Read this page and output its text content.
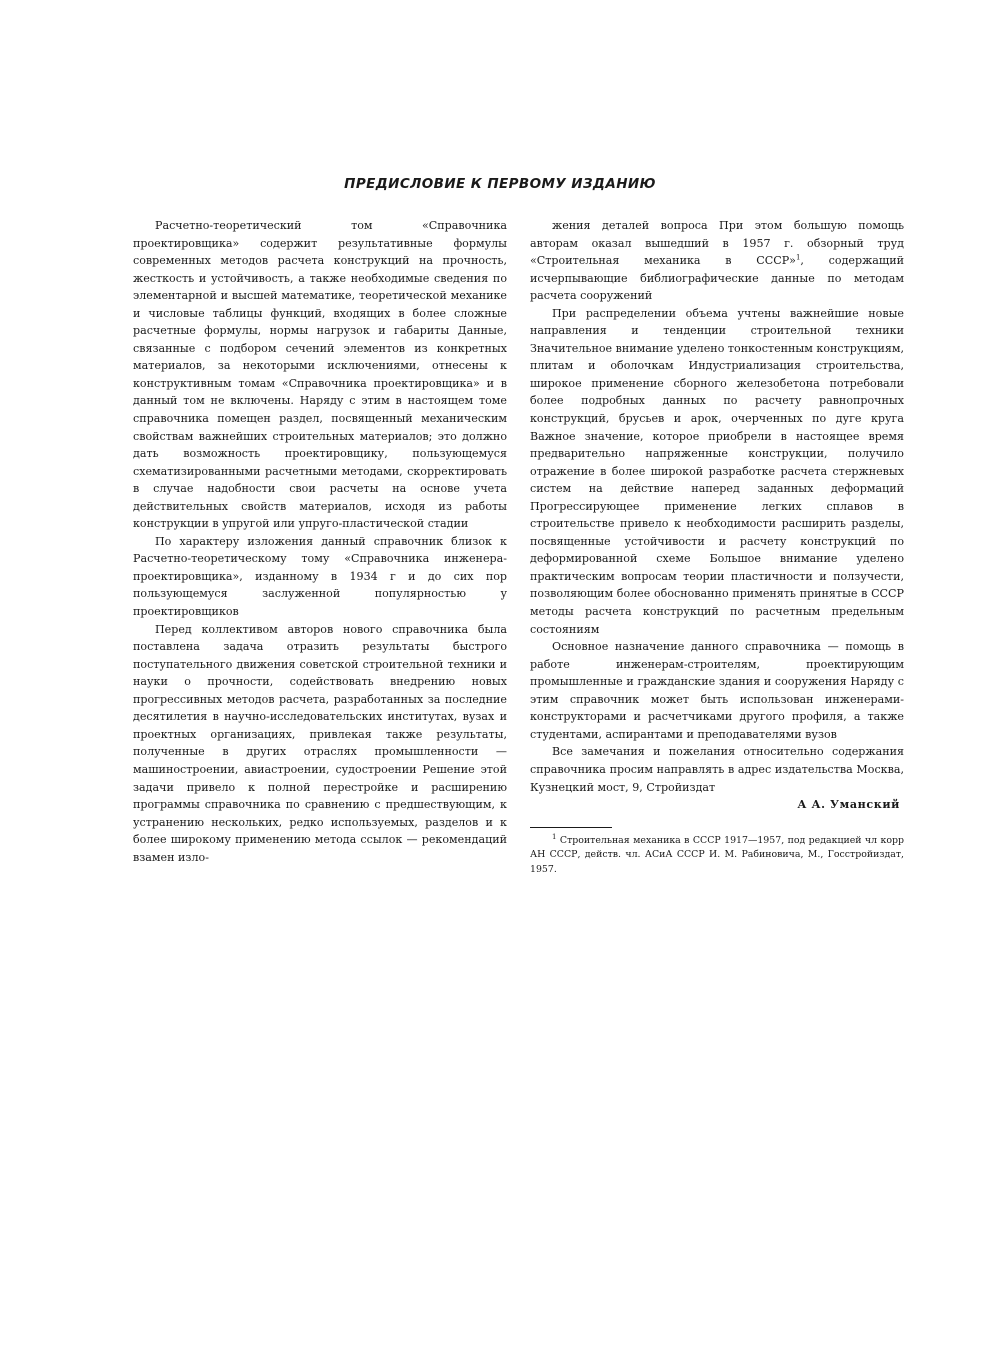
ПРЕДИСЛОВИЕ К ПЕРВОМУ ИЗДАНИЮ

Расчетно-теоретический том «Справочника проектировщика» содержит результативные формулы современных методов расчета конструкций на прочность, жесткость и устойчивость, а также необходимые сведения по элементарной и высшей математике, теоретической механике и числовые таблицы функций, входящих в более сложные расчетные формулы, нормы нагрузок и габариты Данные, связанные с подбором сечений элементов из конкретных материалов, за некоторыми исключениями, отнесены к конструктивным томам «Справочника проектировщика» и в данный том не включены. Наряду с этим в настоящем томе справочника помещен раздел, посвященный механическим свойствам важнейших строительных материалов; это должно дать возможность проектировщику, пользующемуся схематизированными расчетными методами, скорректировать в случае надобности свои расчеты на основе учета действительных свойств материалов, исходя из работы конструкции в упругой или упруго-пластической стадии

По характеру изложения данный справочник близок к Расчетно-теоретическому тому «Справочника инженера-проектировщика», изданному в 1934 г и до сих пор пользующемуся заслуженной популярностью у проектировщиков

Перед коллективом авторов нового справочника была поставлена задача отразить результаты быстрого поступательного движения советской строительной техники и науки о прочности, содействовать внедрению новых прогрессивных методов расчета, разработанных за последние десятилетия в научно-исследовательских институтах, вузах и проектных организациях, привлекая также результаты, полученные в других отраслях промышленности — машиностроении, авиастроении, судостроении Решение этой задачи привело к полной перестройке и расширению программы справочника по сравнению с предшествующим, к устранению нескольких, редко используемых, разделов и к более широкому применению метода ссылок — рекомендаций взамен изло-

жения деталей вопроса При этом большую помощь авторам оказал вышедший в 1957 г. обзорный труд «Строительная механика в СССР»$^1$, содержащий исчерпывающие библиографические данные по методам расчета сооружений

При распределении объема учтены важнейшие новые направления и тенденции строительной техники Значительное внимание уделено тонкостенным конструкциям, плитам и оболочкам Индустриализация строительства, широкое применение сборного железобетона потребовали более подробных данных по расчету равнопрочных конструкций, брусьев и арок, очерченных по дуге круга Важное значение, которое приобрели в настоящее время предварительно напряженные конструкции, получило отражение в более широкой разработке расчета стержневых систем на действие наперед заданных деформаций Прогрессирующее применение легких сплавов в строительстве привело к необходимости расширить разделы, посвященные устойчивости и расчету конструкций по деформированной схеме Большое внимание уделено практическим вопросам теории пластичности и ползучести, позволяющим более обоснованно применять принятые в СССР методы расчета конструкций по расчетным предельным состояниям

Основное назначение данного справочника — помощь в работе инженерам-строителям, проектирующим промышленные и гражданские здания и сооружения Наряду с этим справочник может быть использован инженерами-конструкторами и расчетчиками другого профиля, а также студентами, аспирантами и преподавателями вузов

Все замечания и пожелания относительно содержания справочника просим направлять в адрес издательства Москва, Кузнецкий мост, 9, Стройиздат

А А. Уманский
$^1$ Строительная механика в СССР 1917—1957, под редакцией чл корр АН СССР, действ. чл. АСиА СССР И. М. Рабиновича, М., Госстройиздат, 1957.
